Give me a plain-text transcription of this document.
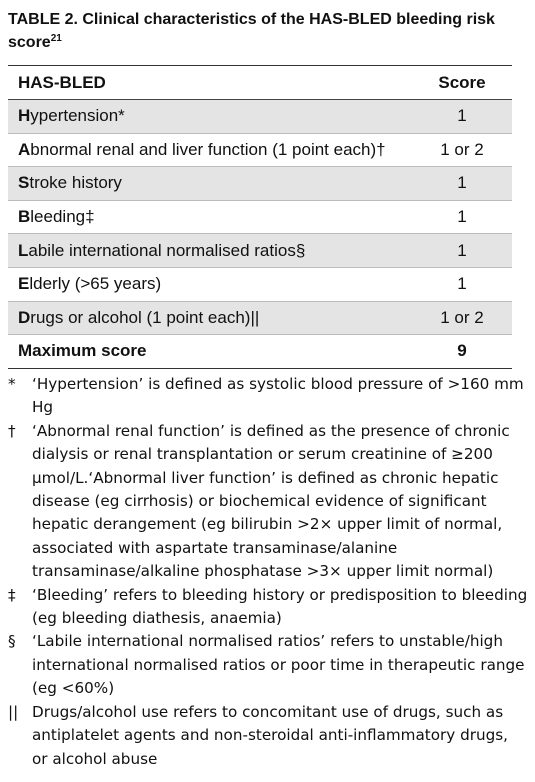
TABLE 2. Clinical characteristics of the HAS-BLED bleeding risk score$^{21}$
HAS-BLED	Score
Hypertension*	1
Abnormal renal and liver function (1 point each)†	1 or 2
Stroke history	1
Bleeding‡	1
Labile international normalised ratios§	1
Elderly (>65 years)	1
Drugs or alcohol (1 point each)||	1 or 2
Maximum score	9
*	‘Hypertension’ is defined as systolic blood pressure of >160 mm Hg
†	‘Abnormal renal function’ is defined as the presence of chronic dialysis or renal transplantation or serum creatinine of ≥200 µmol/L.‘Abnormal liver function’ is defined as chronic hepatic disease (eg cirrhosis) or biochemical evidence of significant hepatic derangement (eg bilirubin >2× upper limit of normal, associated with aspartate transaminase/alanine transaminase/alkaline phosphatase >3× upper limit normal)
‡	‘Bleeding’ refers to bleeding history or predisposition to bleeding (eg bleeding diathesis, anaemia)
§	‘Labile international normalised ratios’ refers to unstable/high international normalised ratios or poor time in therapeutic range (eg <60%)
|| Drugs/alcohol use refers to concomitant use of drugs, such as antiplatelet agents and non-steroidal anti-inflammatory drugs, or alcohol abuse
